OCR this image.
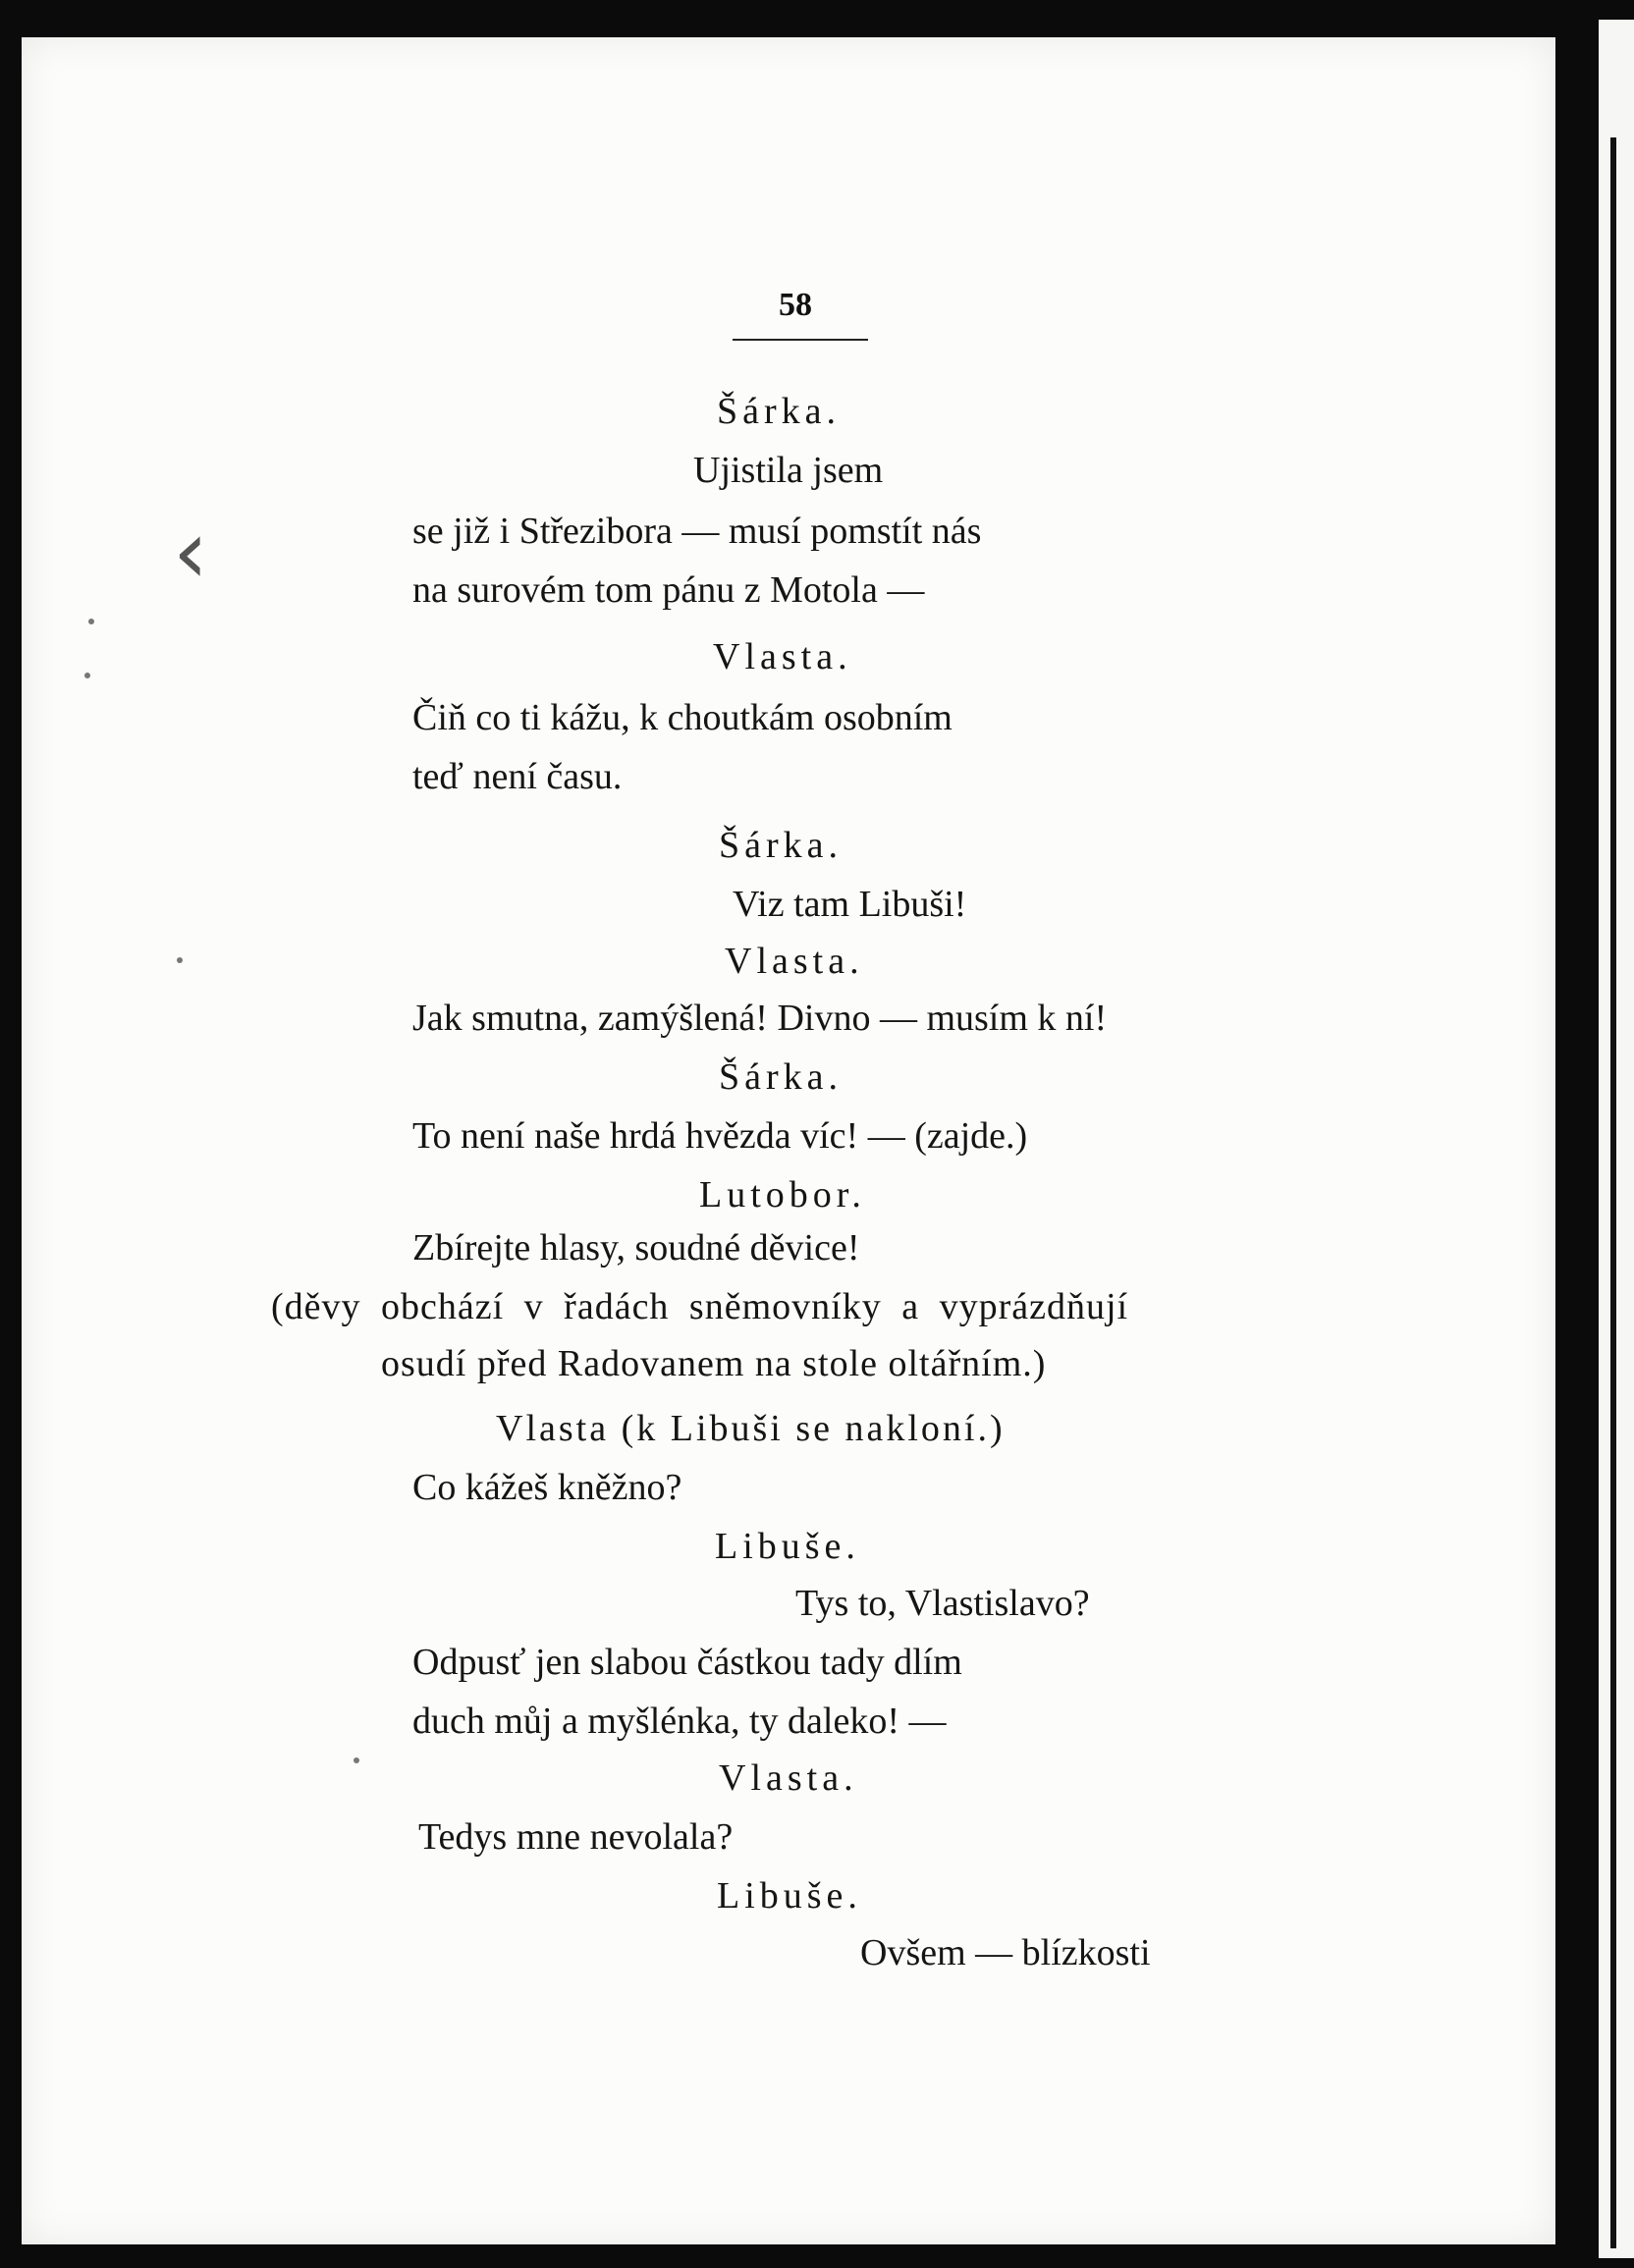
58
‹

Šárka.

Ujistila jsem

se již i Střezibora — musí pomstít nás

na surovém tom pánu z Motola —

Vlasta.

Čiň co ti kážu, k choutkám osobním

teď není času.

Šárka.

Viz tam Libuši!

Vlasta.

Jak smutna, zamýšlená! Divno — musím k ní!

Šárka.

To není naše hrdá hvězda víc! — (zajde.)

Lutobor.

Zbírejte hlasy, soudné děvice!

(děvy obchází v řadách sněmovníky a vyprázdňují

osudí před Radovanem na stole oltářním.)

Vlasta (k Libuši se nakloní.)

Co kážeš kněžno?

Libuše.

Tys to, Vlastislavo?

Odpusť jen slabou částkou tady dlím

duch můj a myšlénka, ty daleko! —

Vlasta.

Tedys mne nevolala?

Libuše.

Ovšem — blízkosti
